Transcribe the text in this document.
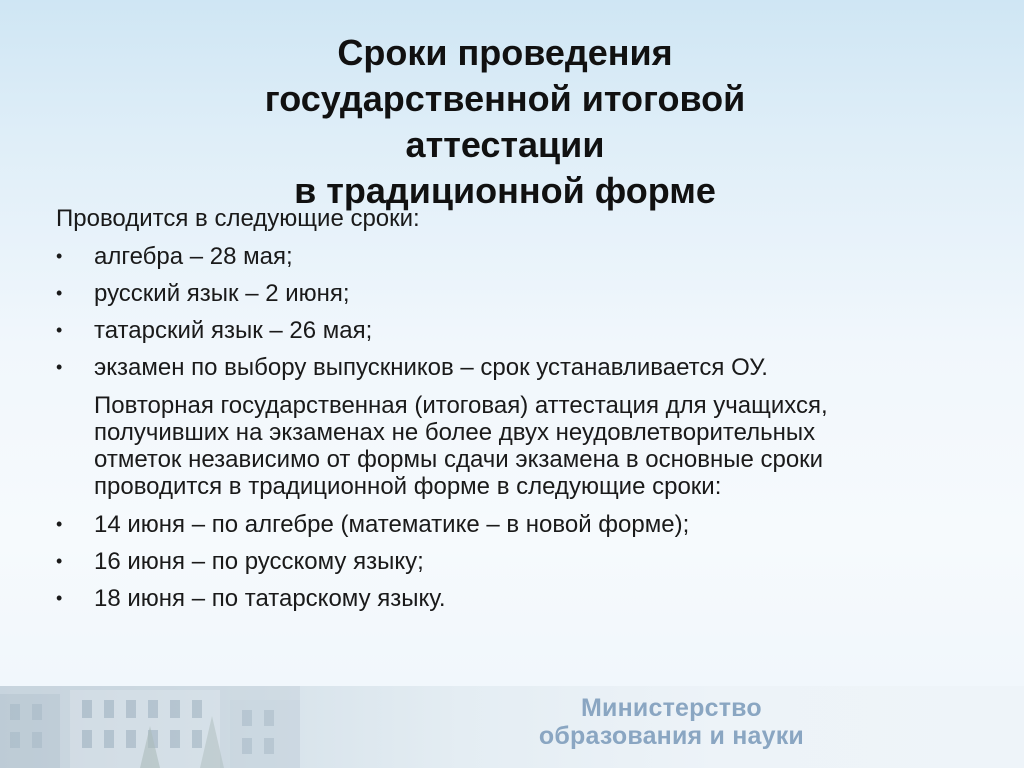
Сроки проведения
государственной итоговой
аттестации
в традиционной форме
Проводится в следующие сроки:
•	алгебра – 28 мая;
•	русский язык – 2 июня;
•	татарский язык – 26 мая;
•	экзамен по выбору выпускников – срок устанавливается ОУ.
Повторная государственная (итоговая) аттестация для учащихся,
получивших на экзаменах не более двух неудовлетворительных
отметок независимо от формы сдачи экзамена в основные сроки
проводится в традиционной форме в следующие сроки:
•	14 июня – по алгебре (математике – в новой форме);
•	16 июня – по русскому языку;
•	18 июня – по татарскому языку.
Министерство
образования и науки
